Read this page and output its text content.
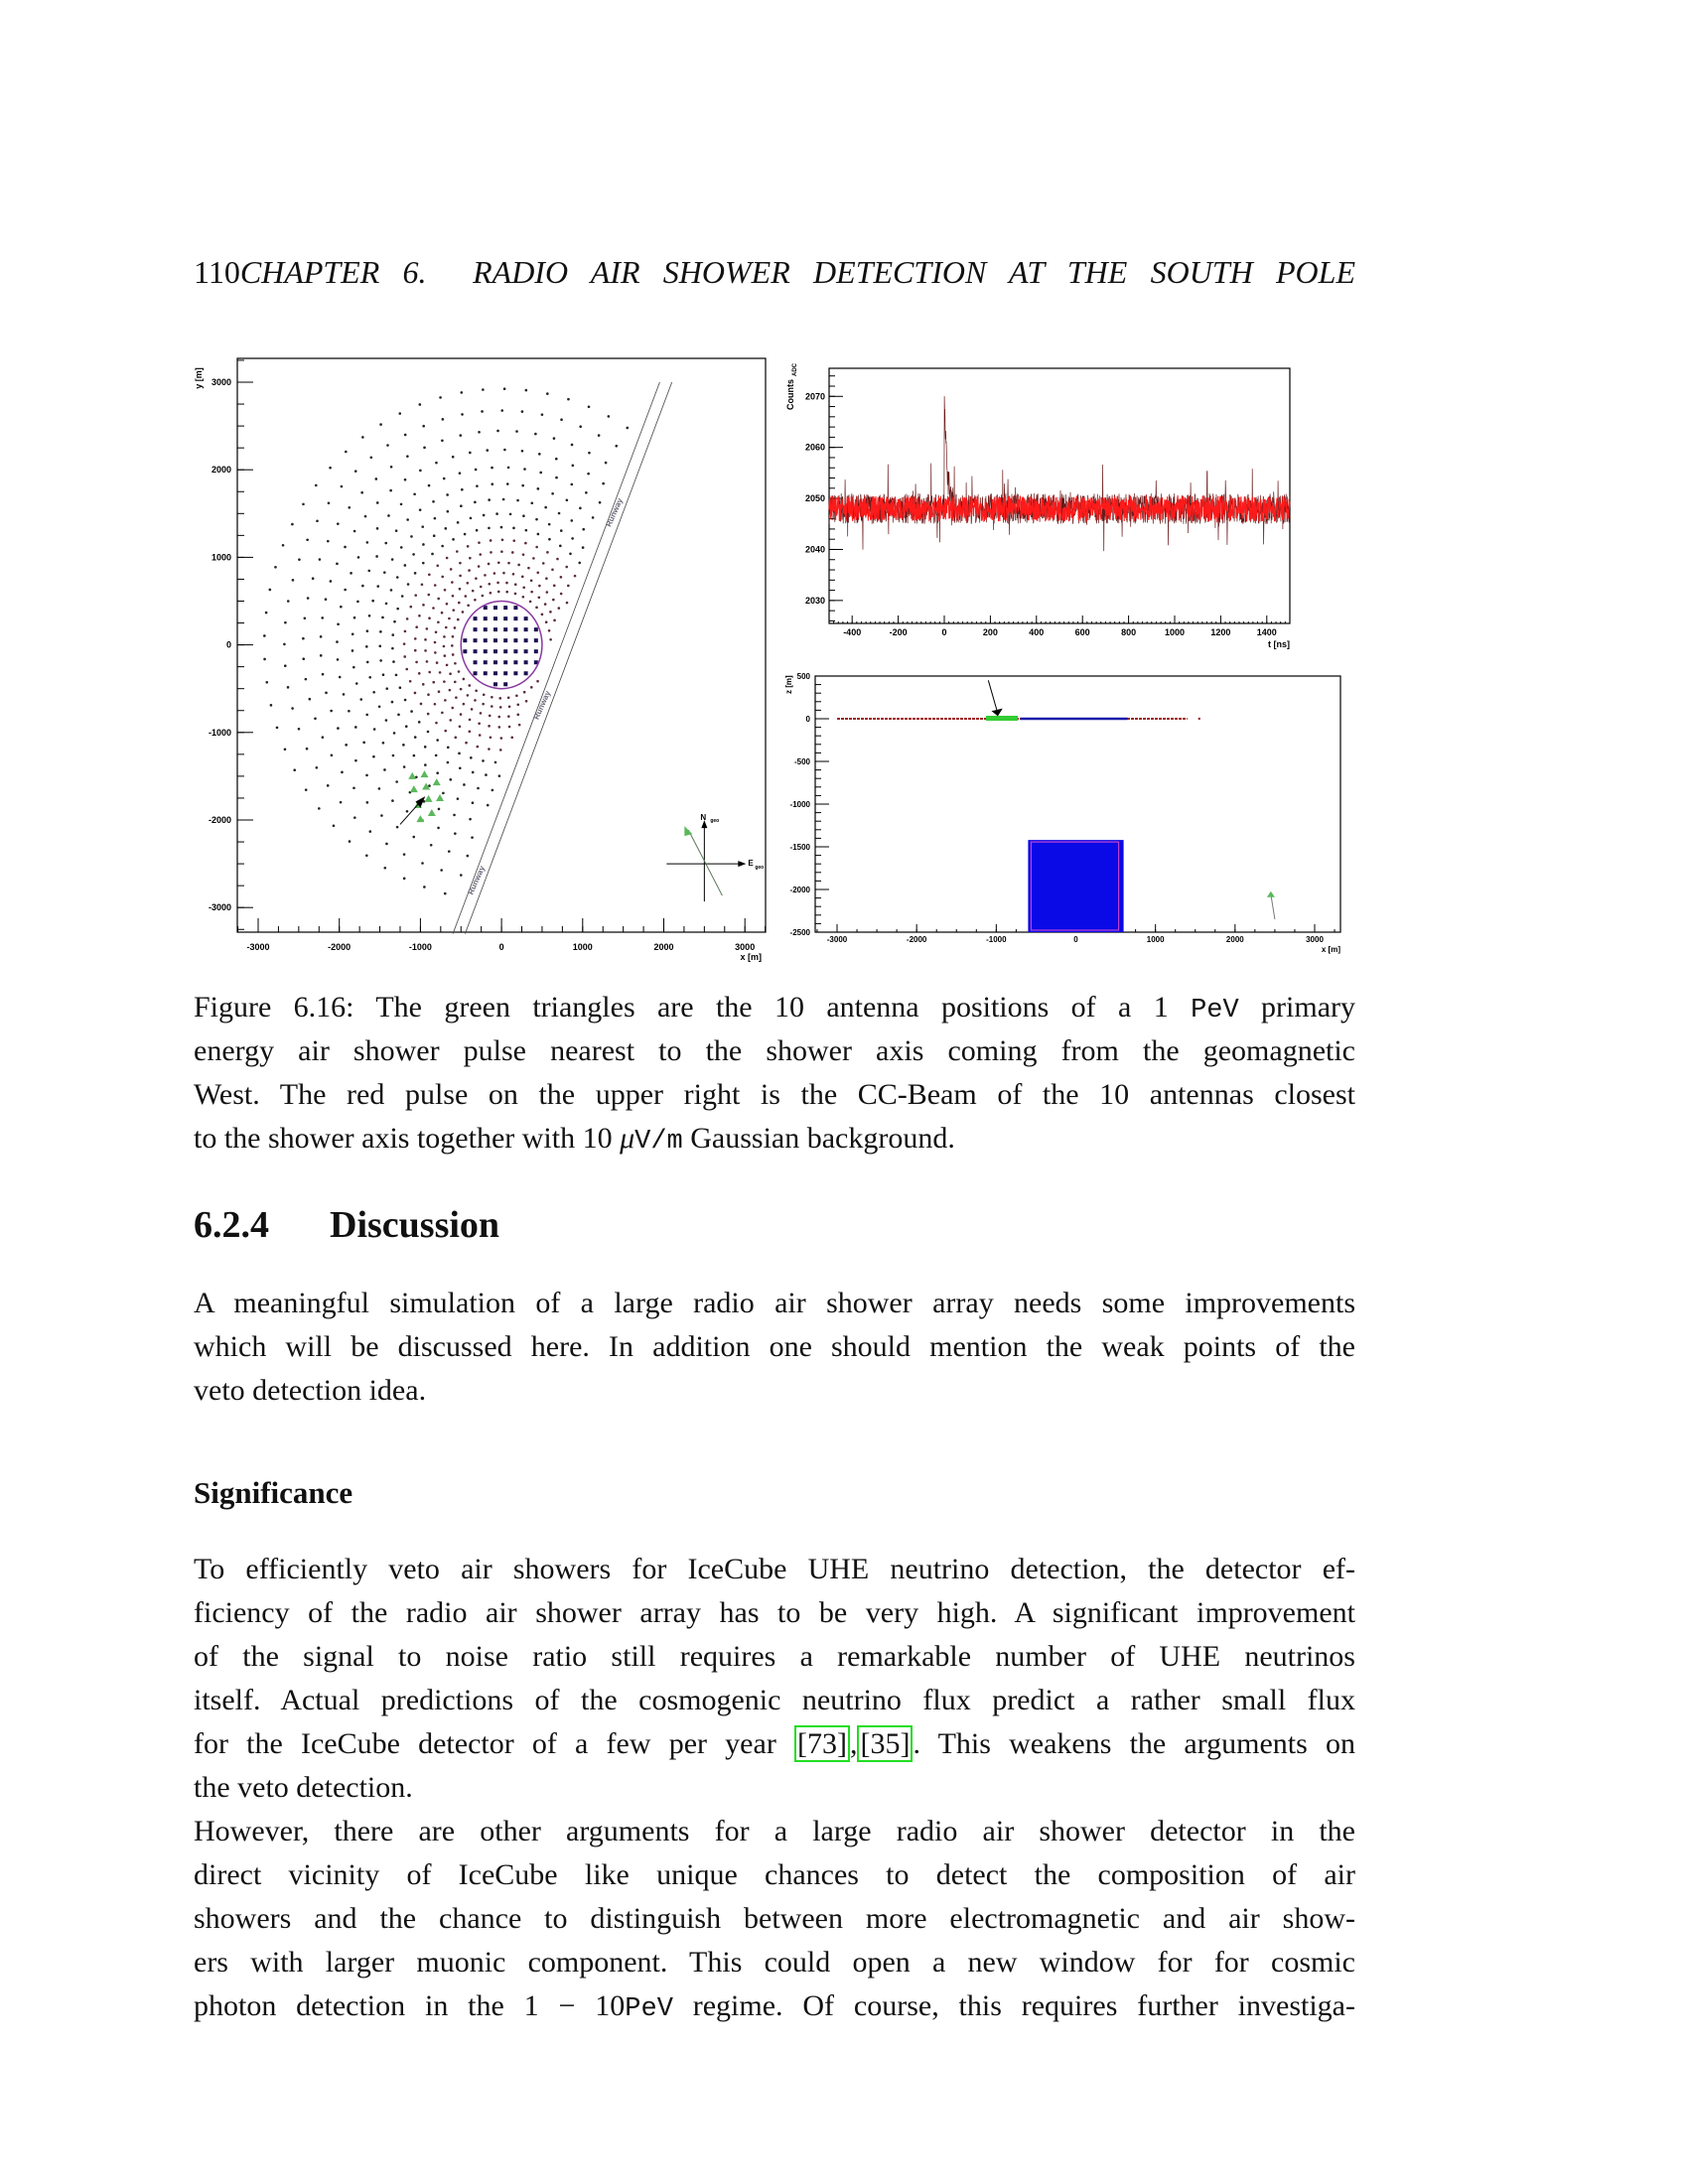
110CHAPTER 6. RADIO AIR SHOWER DETECTION AT THE SOUTH POLE
-3000	-2000	-1000	0	1000	2000	3000
-3000
-2000
-1000
0
1000
2000
3000
x [m]
y [m]
Runway
Runway
Runway
N geo
E geo
-400	-200	0	200	400	600	800	1000	1200	1400
2030
2040
2050
2060
2070
t [ns]
Counts
ADC
-3000	-2000	-1000	0	1000	2000	3000
500
0
-500
-1000
-1500
-2000
-2500
x [m]
z [m]
Figure 6.16: The green triangles are the 10 antenna positions of a 1 PeV primary
energy air shower pulse nearest to the shower axis coming from the geomagnetic
West. The red pulse on the upper right is the CC-Beam of the 10 antennas closest
to the shower axis together with 10 μV/m Gaussian background.
6.2.4 Discussion
A meaningful simulation of a large radio air shower array needs some improvements
which will be discussed here. In addition one should mention the weak points of the
veto detection idea.
Significance
To efficiently veto air showers for IceCube UHE neutrino detection, the detector ef-
ficiency of the radio air shower array has to be very high. A significant improvement
of the signal to noise ratio still requires a remarkable number of UHE neutrinos
itself. Actual predictions of the cosmogenic neutrino flux predict a rather small flux
for the IceCube detector of a few per year [73] , [35] . This weakens the arguments on
the veto detection.
However, there are other arguments for a large radio air shower detector in the
direct vicinity of IceCube like unique chances to detect the composition of air
showers and the chance to distinguish between more electromagnetic and air show-
ers with larger muonic component. This could open a new window for for cosmic
photon detection in the 1 − 10PeV regime. Of course, this requires further investiga-
